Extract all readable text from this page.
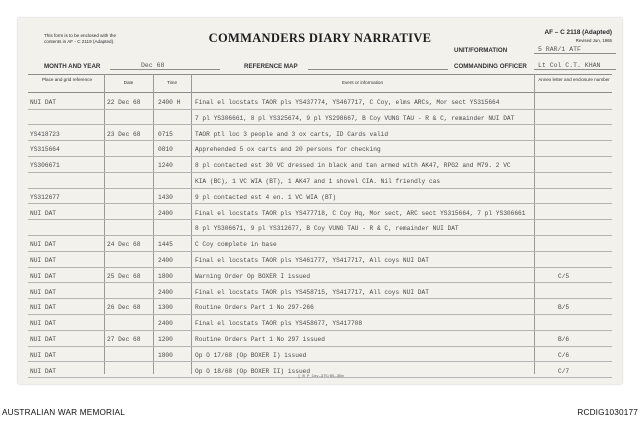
This form is to be enclosed with the
contents in AF - C 2119 (Adapted).	COMMANDERS DIARY NARRATIVE	AF – C 2118 (Adapted)
Revised Jun, 1965
UNIT/FORMATION	5 RAR/1 ATF
MONTH AND YEAR	Dec 68	REFERENCE MAP	COMMANDING OFFICER Lt Col C.T. KHAN
Place and grid reference
Date	Time	Event or information
Annex letter and enclosure number
NUI DAT	22 Dec 68	2400 H Final el locstats TAOR pls YS437774, YS467717, C Coy, elms ARCs, Mor sect YS315664
7 pl YS306661, 8 pl YS325674, 9 pl YS298667, B Coy VUNG TAU - R & C, remainder NUI DAT
YS418723	23 Dec 68	0715	TAOR ptl loc 3 people and 3 ox carts, ID Cards valid
YS315664	0810	Apprehended 5 ox carts and 20 persons for checking
YS306671	1240	8 pl contacted est 30 VC dressed in black and tan armed with AK47, RPG2 and M79. 2 VC
KIA (BC), 1 VC WIA (BT), 1 AK47 and 1 shovel CIA. Nil friendly cas
YS312677	1430	9 pl contacted est 4 en. 1 VC WIA (BT)
NUI DAT	2400	Final el locstats TAOR pls YS477718, C Coy Hq, Mor sect, ARC sect YS315664, 7 pl YS306661
8 pl YS306671, 9 pl YS312677, B Coy VUNG TAU - R & C, remainder NUI DAT
NUI DAT	24 Dec 68	1445	C Coy complete in base
NUI DAT	2400	Final el locstats TAOR pls YS461777, YS417717, All coys NUI DAT
NUI DAT	25 Dec 68	1800	Warning Order Op BOXER I issued	C/5
NUI DAT	2400	Final el locstats TAOR pls YS458715, YS417717, All coys NUI DAT
NUI DAT	26 Dec 68	1300	Routine Orders Part 1 No 297-266	B/5
NUI DAT	2400	Final el locstats TAOR pls YS458677, YS417708
NUI DAT	27 Dec 68	1200	Routine Orders Part 1 No 297 issued	B/6
NUI DAT	1800	Op O 17/68 (Op BOXER I) issued	C/6
NUI DAT	Op O 18/68 (Op BOXER II) issued	C/7
[ R P Cov—375/65—35m
AUSTRALIAN WAR MEMORIAL	RCDIG1030177
